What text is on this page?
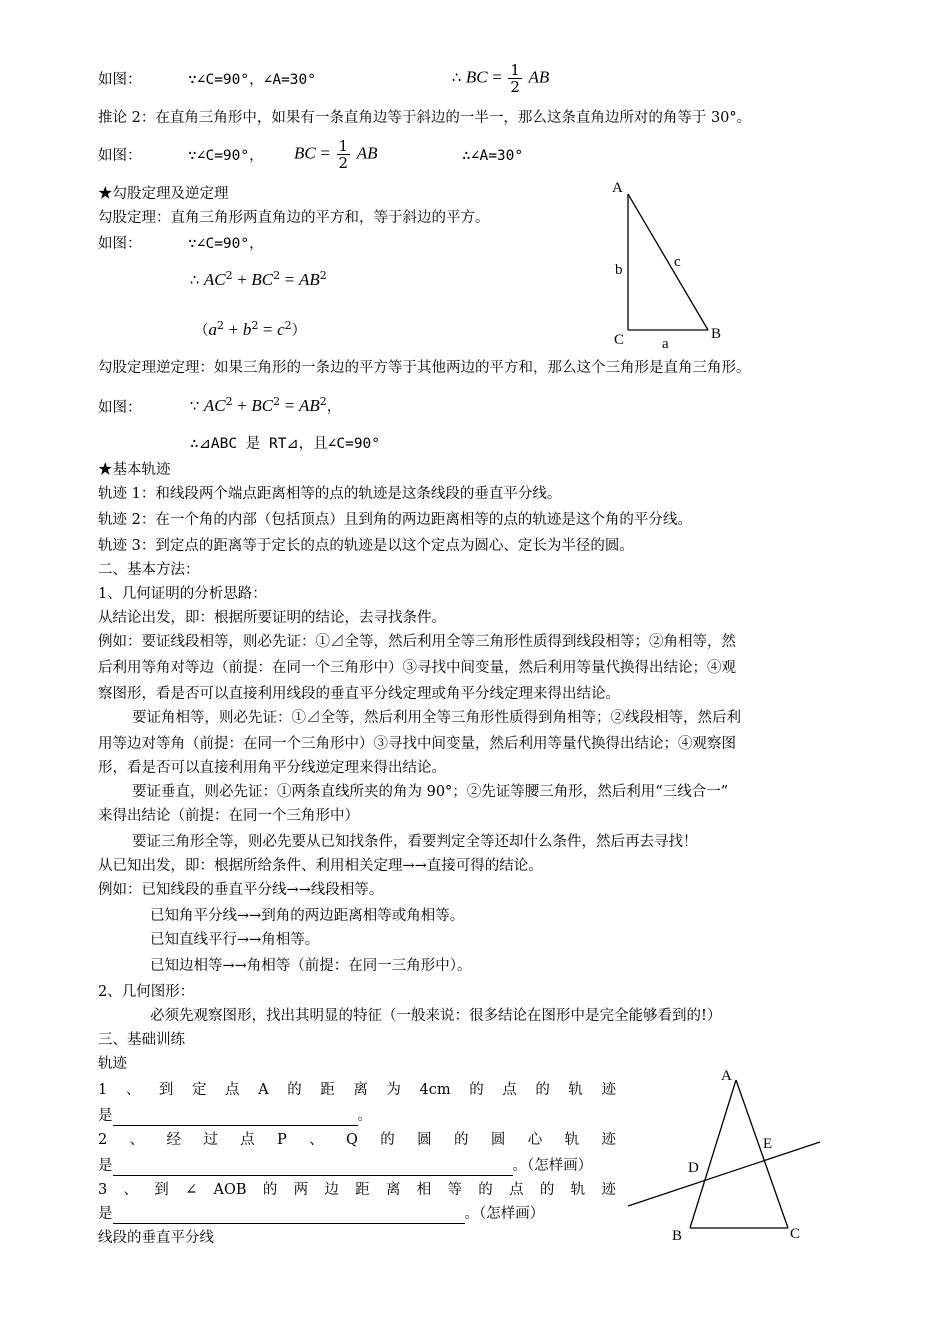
如图：	∵∠C=90°，∠A=30°	∴ BC = $\frac{1}{2}$ AB
推论 2：在直角三角形中，如果有一条直角边等于斜边的一半一，那么这条直角边所对的角等于 30°。
如图：	∵∠C=90°， BC = $\frac{1}{2}$ AB	∴∠A=30°
★勾股定理及逆定理
勾股定理：直角三角形两直角边的平方和，等于斜边的平方。
如图：	∵∠C=90°，
∴ $AC^2 + BC^2 = AB^2$
$(a^2 + b^2 = c^2)$
A
C	B
b	c
a
勾股定理逆定理：如果三角形的一条边的平方等于其他两边的平方和，那么这个三角形是直角三角形。
如图：	∵ $AC^2 + BC^2 = AB^2$，
∴⊿ABC 是 RT⊿，且∠C=90°
★基本轨迹
轨迹 1：和线段两个端点距离相等的点的轨迹是这条线段的垂直平分线。
轨迹 2：在一个角的内部（包括顶点）且到角的两边距离相等的点的轨迹是这个角的平分线。
轨迹 3：到定点的距离等于定长的点的轨迹是以这个定点为圆心、定长为半径的圆。
二、基本方法：
1、几何证明的分析思路：
从结论出发，即：根据所要证明的结论，去寻找条件。
例如：要证线段相等，则必先证：①⊿全等，然后利用全等三角形性质得到线段相等；②角相等，然
后利用等角对等边（前提：在同一个三角形中）③寻找中间变量，然后利用等量代换得出结论；④观
察图形，看是否可以直接利用线段的垂直平分线定理或角平分线定理来得出结论。
要证角相等，则必先证：①⊿全等，然后利用全等三角形性质得到角相等；②线段相等，然后利
用等边对等角（前提：在同一个三角形中）③寻找中间变量，然后利用等量代换得出结论；④观察图
形，看是否可以直接利用角平分线逆定理来得出结论。
要证垂直，则必先证：①两条直线所夹的角为 90°；②先证等腰三角形，然后利用“三线合一”
来得出结论（前提：在同一个三角形中）
要证三角形全等，则必先要从已知找条件，看要判定全等还却什么条件，然后再去寻找！
从已知出发，即：根据所给条件、利用相关定理→→直接可得的结论。
例如：已知线段的垂直平分线→→线段相等。
已知角平分线→→到角的两边距离相等或角相等。
已知直线平行→→角相等。
已知边相等→→角相等（前提：在同一三角形中）。
2、几何图形：
必须先观察图形，找出其明显的特征（一般来说：很多结论在图形中是完全能够看到的!）
三、基础训练
轨迹
1 、 到 定 点 A 的 距 离 为 4cm 的 点 的 轨 迹
是	。
2 、 经 过 点 P 、 Q 的 圆 的 圆 心 轨 迹
是	。（怎样画）
3 、 到 ∠ AOB 的 两 边 距 离 相 等 的 点 的 轨 迹
是	。（怎样画）
线段的垂直平分线
A
B	C
D
E
